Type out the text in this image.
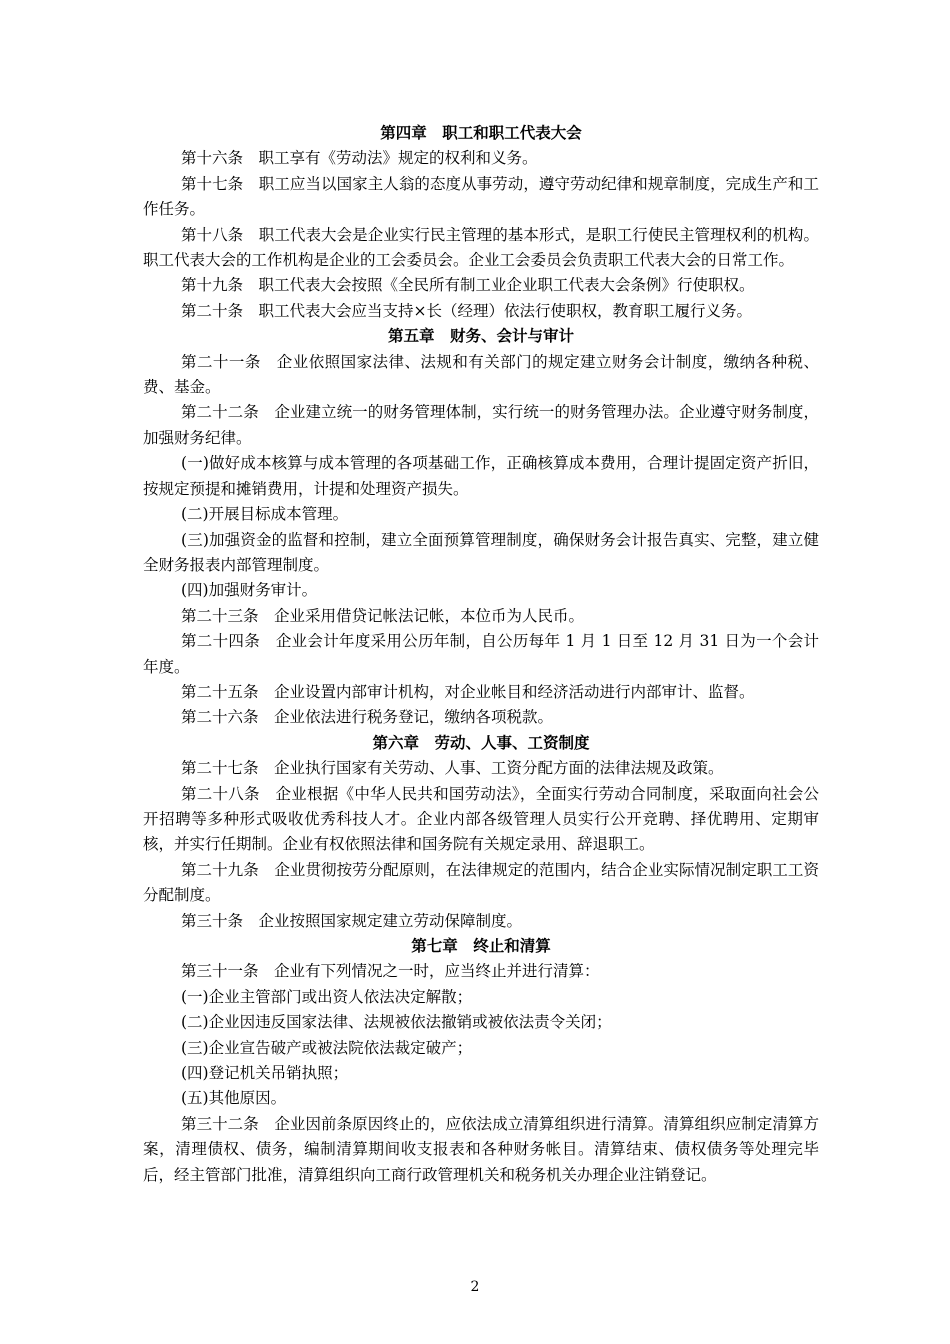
第四章　职工和职工代表大会

第十六条　职工享有《劳动法》规定的权利和义务。

第十七条　职工应当以国家主人翁的态度从事劳动，遵守劳动纪律和规章制度，完成生产和工作任务。

第十八条　职工代表大会是企业实行民主管理的基本形式，是职工行使民主管理权利的机构。职工代表大会的工作机构是企业的工会委员会。企业工会委员会负责职工代表大会的日常工作。

第十九条　职工代表大会按照《全民所有制工业企业职工代表大会条例》行使职权。

第二十条　职工代表大会应当支持×长（经理）依法行使职权，教育职工履行义务。

第五章　财务、会计与审计

第二十一条　企业依照国家法律、法规和有关部门的规定建立财务会计制度，缴纳各种税、费、基金。

第二十二条　企业建立统一的财务管理体制，实行统一的财务管理办法。企业遵守财务制度，加强财务纪律。

(一)做好成本核算与成本管理的各项基础工作，正确核算成本费用，合理计提固定资产折旧，按规定预提和摊销费用，计提和处理资产损失。

(二)开展目标成本管理。

(三)加强资金的监督和控制，建立全面预算管理制度，确保财务会计报告真实、完整，建立健全财务报表内部管理制度。

(四)加强财务审计。

第二十三条　企业采用借贷记帐法记帐，本位币为人民币。

第二十四条　企业会计年度采用公历年制，自公历每年 1 月 1 日至 12 月 31 日为一个会计年度。

第二十五条　企业设置内部审计机构，对企业帐目和经济活动进行内部审计、监督。

第二十六条　企业依法进行税务登记，缴纳各项税款。

第六章　劳动、人事、工资制度

第二十七条　企业执行国家有关劳动、人事、工资分配方面的法律法规及政策。

第二十八条　企业根据《中华人民共和国劳动法》，全面实行劳动合同制度，采取面向社会公开招聘等多种形式吸收优秀科技人才。企业内部各级管理人员实行公开竞聘、择优聘用、定期审核，并实行任期制。企业有权依照法律和国务院有关规定录用、辞退职工。

第二十九条　企业贯彻按劳分配原则，在法律规定的范围内，结合企业实际情况制定职工工资分配制度。

第三十条　企业按照国家规定建立劳动保障制度。

第七章　终止和清算

第三十一条　企业有下列情况之一时，应当终止并进行清算：

(一)企业主管部门或出资人依法决定解散；

(二)企业因违反国家法律、法规被依法撤销或被依法责令关闭；

(三)企业宣告破产或被法院依法裁定破产；

(四)登记机关吊销执照；

(五)其他原因。

第三十二条　企业因前条原因终止的，应依法成立清算组织进行清算。清算组织应制定清算方案，清理债权、债务，编制清算期间收支报表和各种财务帐目。清算结束、债权债务等处理完毕后，经主管部门批准，清算组织向工商行政管理机关和税务机关办理企业注销登记。

2
